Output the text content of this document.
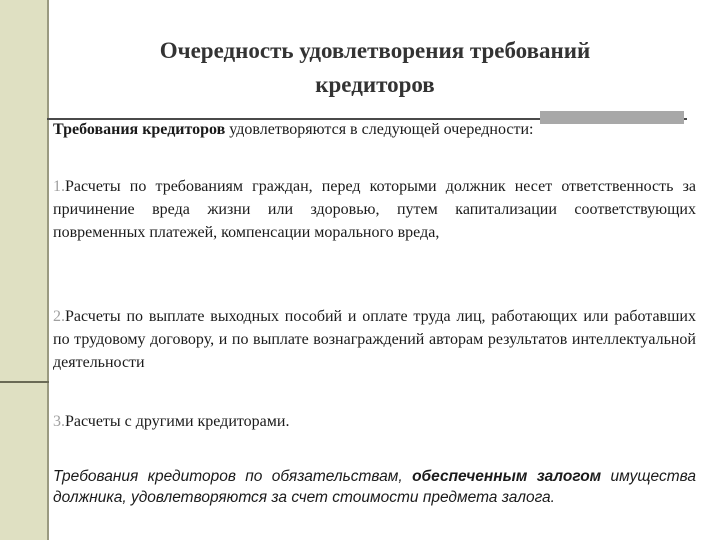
Очередность удовлетворения требований
кредиторов
Требования кредиторов удовлетворяются в следующей очередности:
1.Расчеты по требованиям граждан, перед которыми должник несет ответственность за причинение вреда жизни или здоровью, путем капитализации соответствующих повременных платежей, компенсации морального вреда,
2.Расчеты по выплате выходных пособий и оплате труда лиц, работающих или работавших по трудовому договору, и по выплате вознаграждений авторам результатов интеллектуальной деятельности
3.Расчеты с другими кредиторами.
Требования кредиторов по обязательствам, обеспеченным залогом имущества должника, удовлетворяются за счет стоимости предмета залога.
